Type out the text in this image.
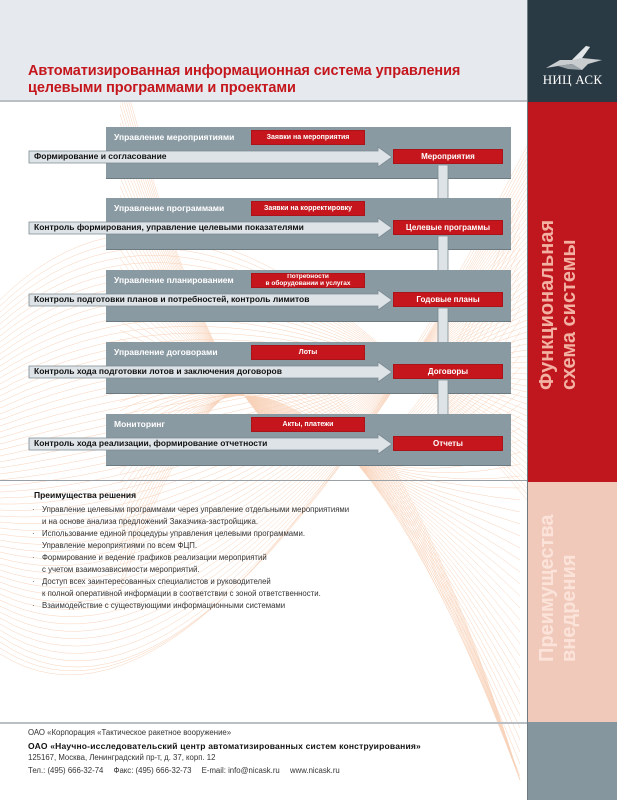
Автоматизированная информационная система управления
целевыми программами и проектами
НИЦ АСК
Функциональная схема системы
Преимущества внедрения
Управление мероприятиями	Заявки на мероприятия
Мероприятия
Формирование и согласование
Управление программами	Заявки на корректировку
Целевые программы
Контроль формирования, управление целевыми показателями
Управление планированием	Потребности
в оборудовании и услугах
Годовые планы
Контроль подготовки планов и потребностей, контроль лимитов
Управление договорами	Лоты
Договоры
Контроль хода подготовки лотов и заключения договоров
Мониторинг	Акты, платежи
Отчеты
Контроль хода реализации, формирование отчетности
Преимущества решения
· Управление целевыми программами через управление отдельными мероприятиями
и на основе анализа предложений Заказчика-застройщика.
· Использование единой процедуры управления целевыми программами.
Управление мероприятиями по всем ФЦП.
· Формирование и ведение графиков реализации мероприятий
с учетом взаимозависимости мероприятий.
· Доступ всех заинтересованных специалистов и руководителей
к полной оперативной информации в соответствии с зоной ответственности.
· Взаимодействие с существующими информационными системами
ОАО «Корпорация «Тактическое ракетное вооружение»
ОАО «Научно-исследовательский центр автоматизированных систем конструирования»
125167, Москва, Ленинградский пр-т, д. 37, корп. 12
Тел.: (495) 666-32-74 Факс: (495) 666-32-73 E-mail: info@nicask.ru www.nicask.ru
